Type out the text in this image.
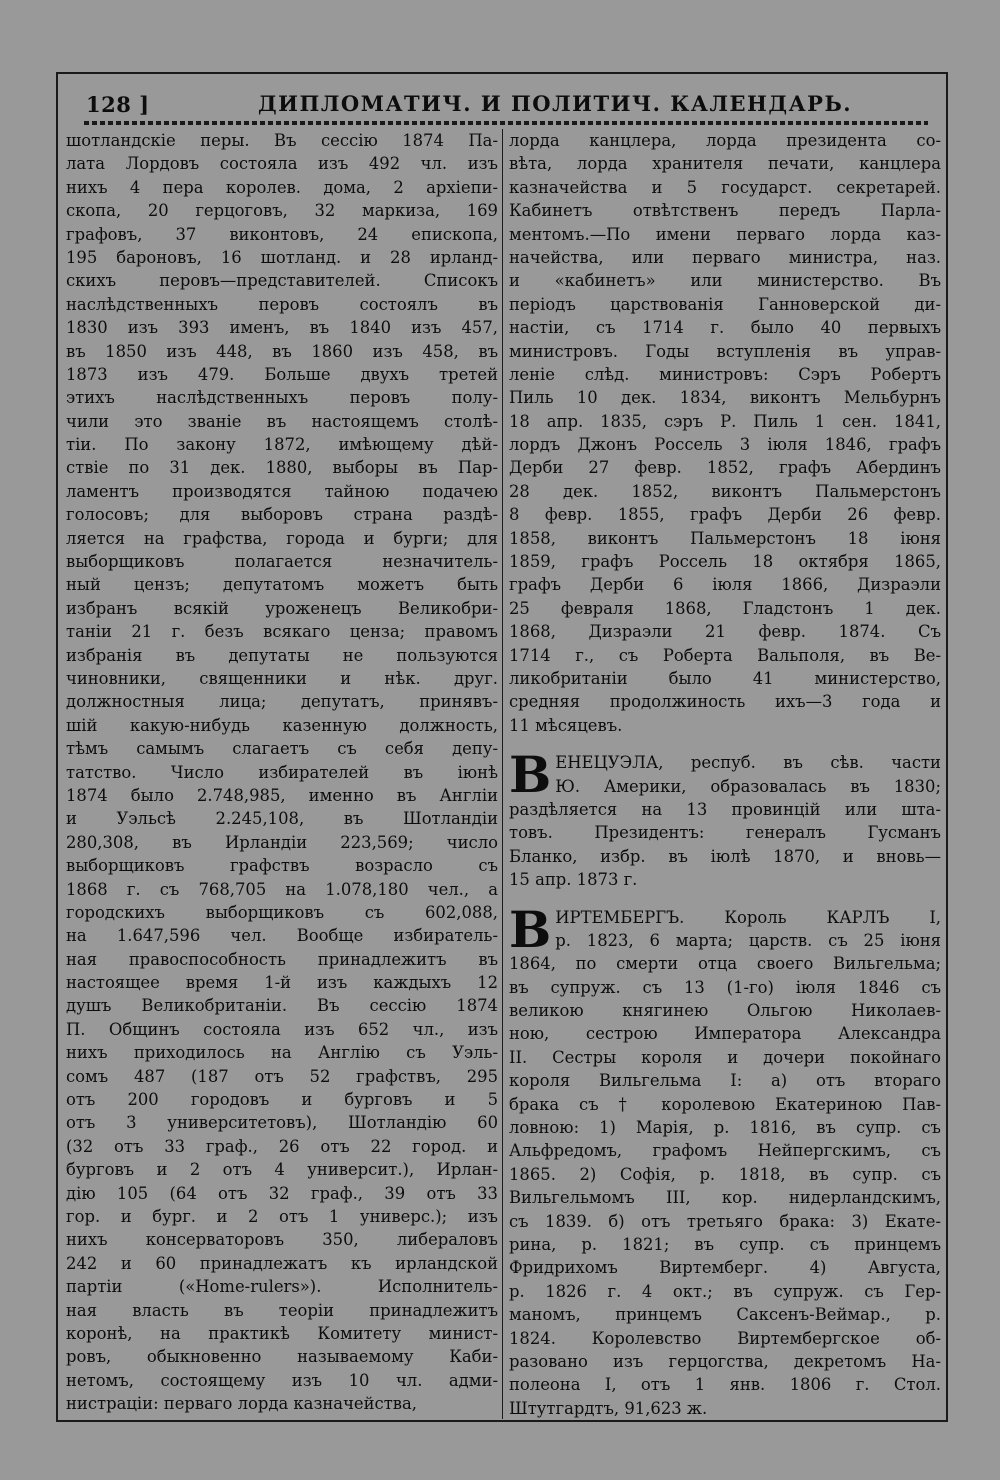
128 ]	ДИПЛОМАТИЧ. И ПОЛИТИЧ. КАЛЕНДАРЬ.
шотландскіе перы. Въ сессію 1874 Па-
лата Лордовъ состояла изъ 492 чл. изъ
нихъ 4 пера королев. дома, 2 архіепи-
скопа, 20 герцоговъ, 32 маркиза, 169
графовъ, 37 виконтовъ, 24 епископа,
195 бароновъ, 16 шотланд. и 28 ирланд-
скихъ перовъ—представителей. Списокъ
наслѣдственныхъ перовъ состоялъ въ
1830 изъ 393 именъ, въ 1840 изъ 457,
въ 1850 изъ 448, въ 1860 изъ 458, въ
1873 изъ 479. Больше двухъ третей
этихъ наслѣдственныхъ перовъ полу-
чили это званіе въ настоящемъ столѣ-
тіи. По закону 1872, имѣющему дѣй-
ствіе по 31 дек. 1880, выборы въ Пар-
ламентъ производятся тайною подачею
голосовъ; для выборовъ страна раздѣ-
ляется на графства, города и бурги; для
выборщиковъ полагается незначитель-
ный цензъ; депутатомъ можетъ быть
избранъ всякій уроженецъ Великобри-
таніи 21 г. безъ всякаго ценза; правомъ
избранія въ депутаты не пользуются
чиновники, священники и нѣк. друг.
должностныя лица; депутатъ, принявъ-
шій какую-нибудь казенную должность,
тѣмъ самымъ слагаетъ съ себя депу-
татство. Число избирателей въ іюнѣ
1874 было 2.748,985, именно въ Англіи
и Уэльсѣ 2.245,108, въ Шотландіи
280,308, въ Ирландіи 223,569; число
выборщиковъ графствъ возрасло съ
1868 г. съ 768,705 на 1.078,180 чел., а
городскихъ выборщиковъ съ 602,088,
на 1.647,596 чел. Вообще избиратель-
ная правоспособность принадлежитъ въ
настоящее время 1-й изъ каждыхъ 12
душъ Великобританіи. Въ сессію 1874
П. Общинъ состояла изъ 652 чл., изъ
нихъ приходилось на Англію съ Уэль-
сомъ 487 (187 отъ 52 графствъ, 295
отъ 200 городовъ и бурговъ и 5
отъ 3 университетовъ), Шотландію 60
(32 отъ 33 граф., 26 отъ 22 город. и
бурговъ и 2 отъ 4 университ.), Ирлан-
дію 105 (64 отъ 32 граф., 39 отъ 33
гор. и бург. и 2 отъ 1 универс.); изъ
нихъ консерваторовъ 350, либераловъ
242 и 60 принадлежатъ къ ирландской
партіи («Home-rulers»). Исполнитель-
ная власть въ теоріи принадлежитъ
коронѣ, на практикѣ Комитету минист-
ровъ, обыкновенно называемому Каби-
нетомъ, состоящему изъ 10 чл. адми-
нистраціи: перваго лорда казначейства,
лорда канцлера, лорда президента со-
вѣта, лорда хранителя печати, канцлера
казначейства и 5 государст. секретарей.
Кабинетъ отвѣтственъ передъ Парла-
ментомъ.—По имени перваго лорда каз-
начейства, или перваго министра, наз.
и «кабинетъ» или министерство. Въ
періодъ царствованія Ганноверской ди-
настіи, съ 1714 г. было 40 первыхъ
министровъ. Годы вступленія въ управ-
леніе слѣд. министровъ: Сэръ Робертъ
Пиль 10 дек. 1834, виконтъ Мельбурнъ
18 апр. 1835, сэръ Р. Пиль 1 сен. 1841,
лордъ Джонъ Россель 3 іюля 1846, графъ
Дерби 27 февр. 1852, графъ Абердинъ
28 дек. 1852, виконтъ Пальмерстонъ
8 февр. 1855, графъ Дерби 26 февр.
1858, виконтъ Пальмерстонъ 18 іюня
1859, графъ Россель 18 октября 1865,
графъ Дерби 6 іюля 1866, Дизраэли
25 февраля 1868, Гладстонъ 1 дек.
1868, Дизраэли 21 февр. 1874. Съ
1714 г., съ Роберта Вальполя, въ Ве-
ликобританіи было 41 министерство,
средняя продолжиность ихъ—3 года и
11 мѣсяцевъ.
В ЕНЕЦУЭЛА, респуб. въ сѣв. части
Ю. Америки, образовалась въ 1830;
раздѣляется на 13 провинцій или шта-
товъ. Президентъ: генералъ Гусманъ
Бланко, избр. въ іюлѣ 1870, и вновь—
15 апр. 1873 г.
В ИРТЕМБЕРГЪ. Король КАРЛЪ I,
р. 1823, 6 марта; царств. съ 25 іюня
1864, по смерти отца своего Вильгельма;
въ супруж. съ 13 (1-го) іюля 1846 съ
великою княгинею Ольгою Николаев-
ною, сестрою Императора Александра
II. Сестры короля и дочери покойнаго
короля Вильгельма I: а) отъ втораго
брака съ † королевою Екатериною Пав-
ловною: 1) Марія, р. 1816, въ супр. съ
Альфредомъ, графомъ Нейпергскимъ, съ
1865. 2) Софія, р. 1818, въ супр. съ
Вильгельмомъ III, кор. нидерландскимъ,
съ 1839. б) отъ третьяго брака: 3) Екате-
рина, р. 1821; въ супр. съ принцемъ
Фридрихомъ Виртемберг. 4) Августа,
р. 1826 г. 4 окт.; въ супруж. съ Гер-
маномъ, принцемъ Саксенъ-Веймар., р.
1824. Королевство Виртембергское об-
разовано изъ герцогства, декретомъ На-
полеона I, отъ 1 янв. 1806 г. Стол.
Штутгардтъ, 91,623 ж.
